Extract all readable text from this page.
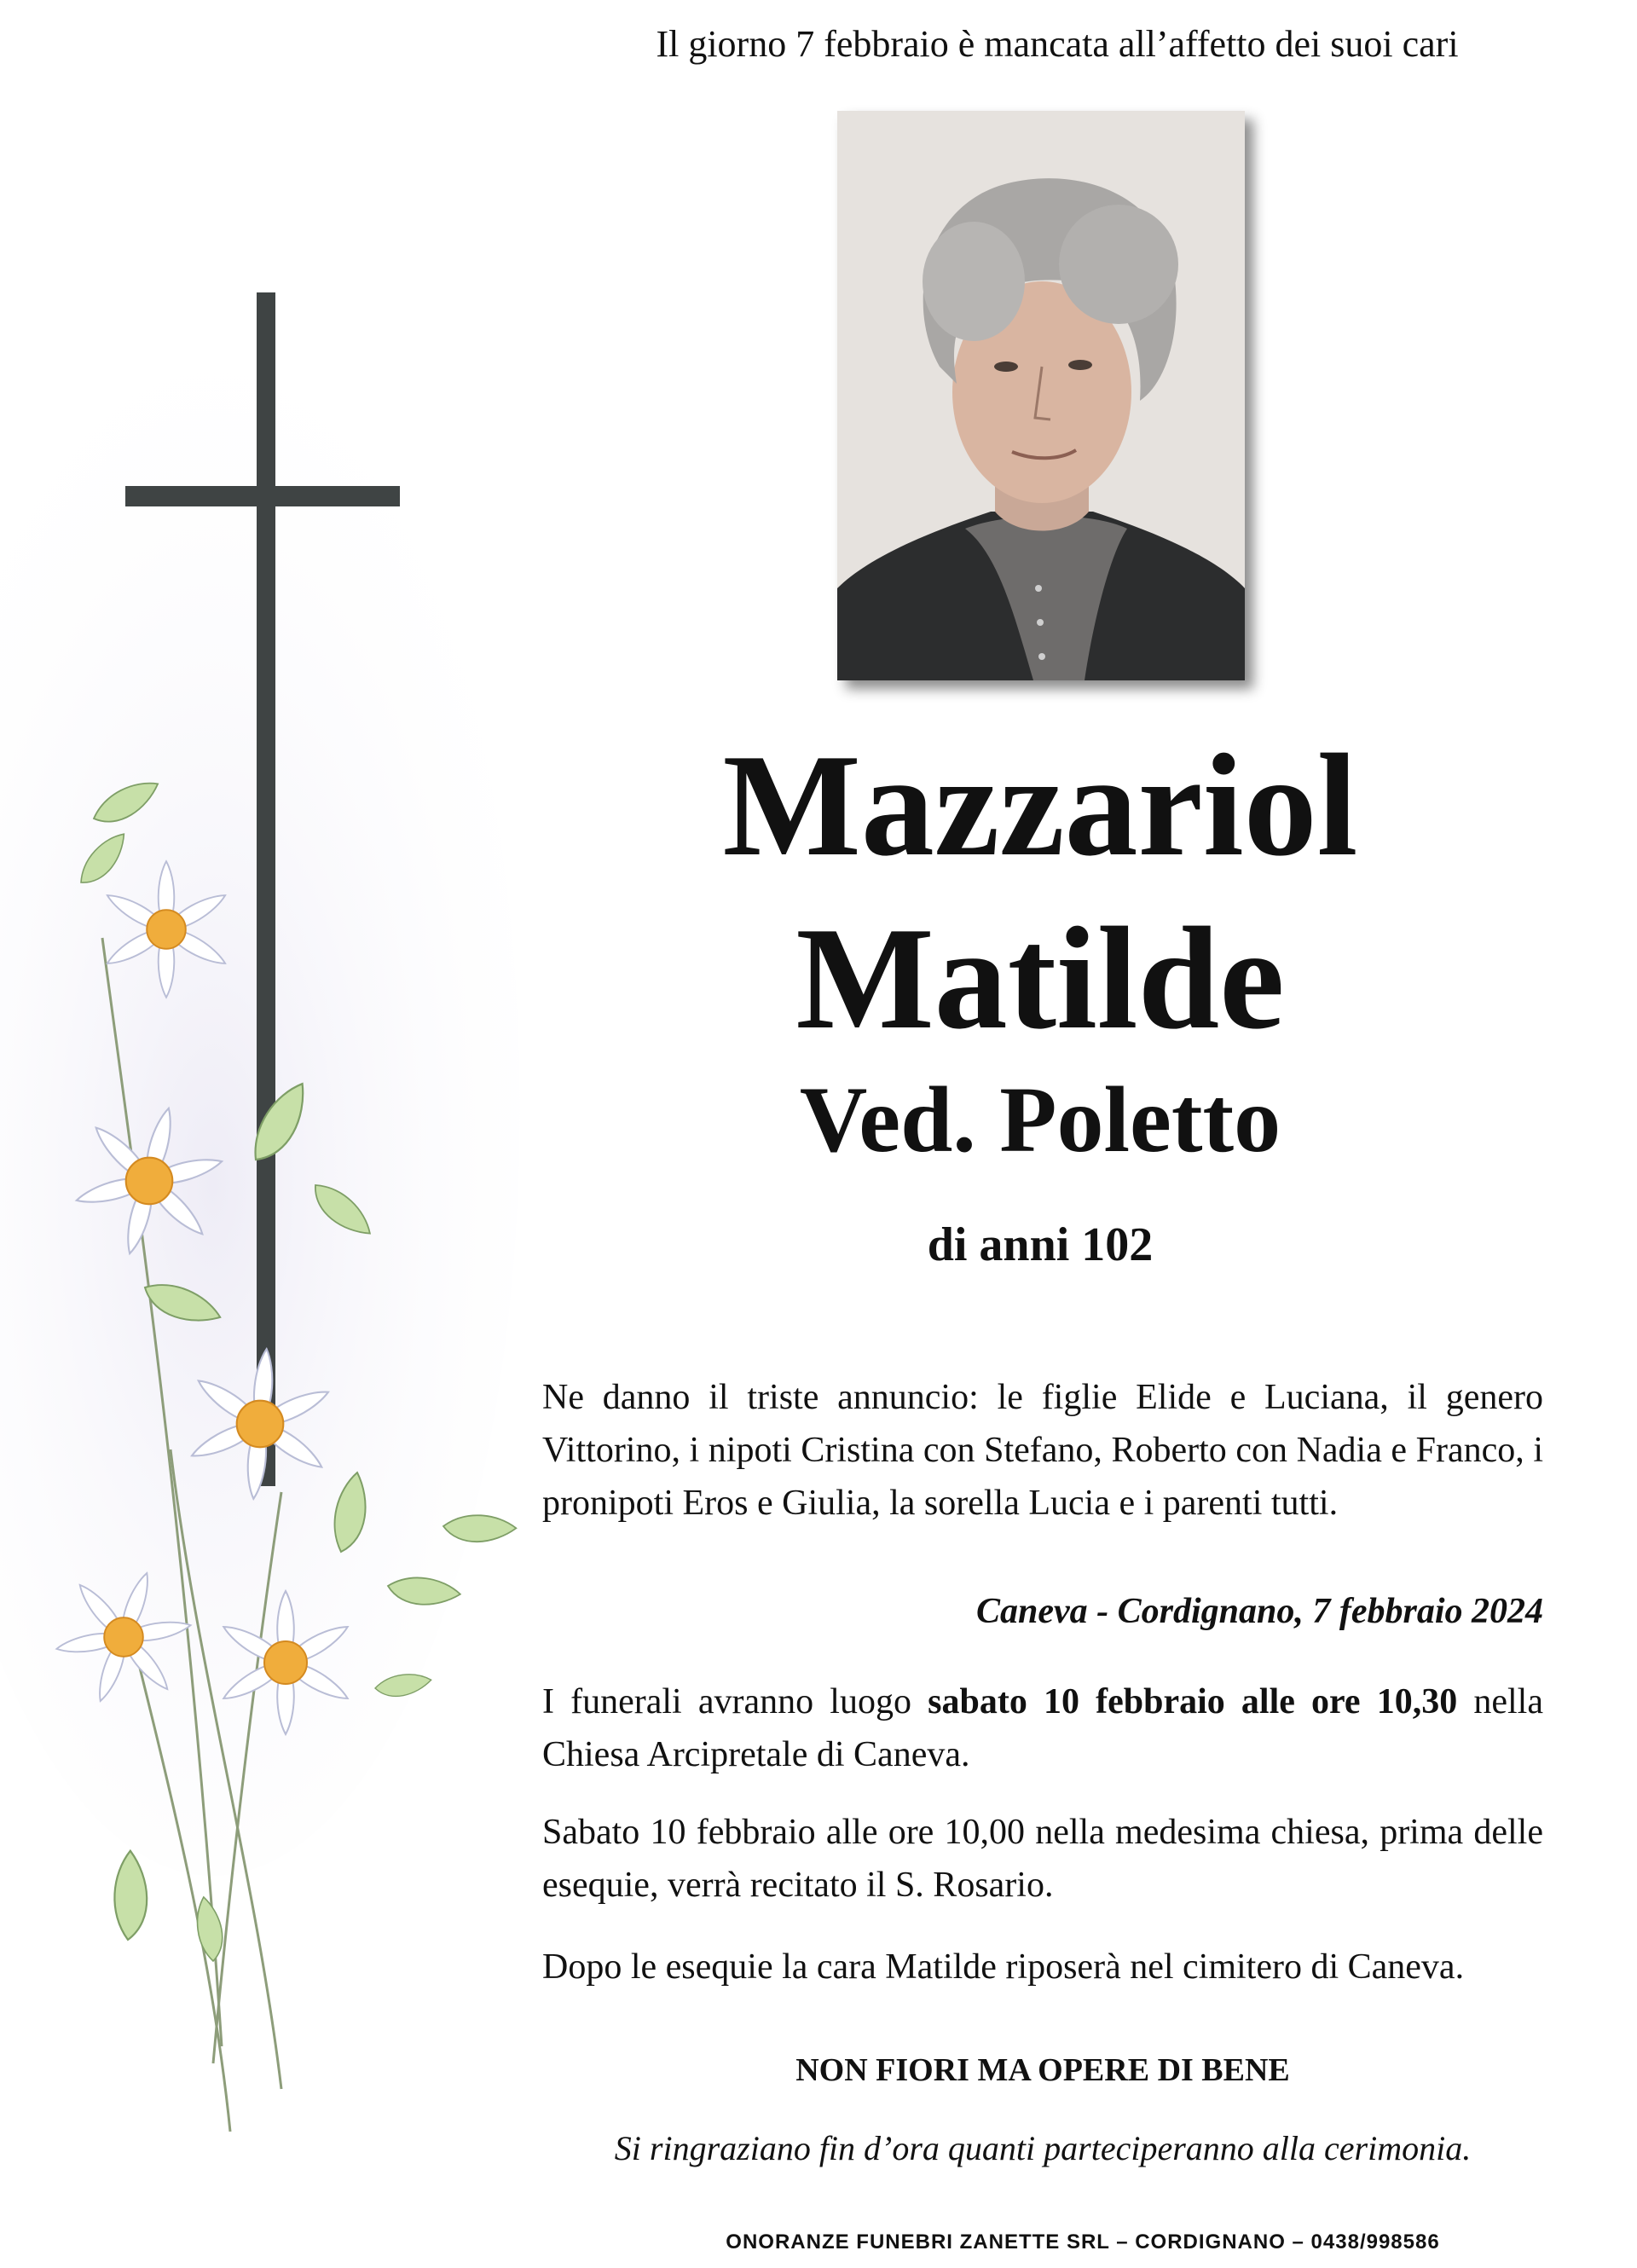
Il giorno 7 febbraio è mancata all’affetto dei suoi cari
Mazzariol
Matilde
Ved. Poletto
di anni 102
Ne danno il triste annuncio: le figlie Elide e Luciana, il genero Vittorino, i nipoti Cristina con Stefano, Roberto con Nadia e Franco, i pronipoti Eros e Giulia, la sorella Lucia e i parenti tutti.
Caneva - Cordignano, 7 febbraio 2024
I funerali avranno luogo sabato 10 febbraio alle ore 10,30 nella Chiesa Arcipretale di Caneva.
Sabato 10 febbraio alle ore 10,00 nella medesima chiesa, prima delle esequie, verrà recitato il S. Rosario.
Dopo le esequie la cara Matilde riposerà nel cimitero di Caneva.
NON FIORI MA OPERE DI BENE
Si ringraziano fin d’ora quanti parteciperanno alla cerimonia.
ONORANZE FUNEBRI ZANETTE SRL – CORDIGNANO – 0438/998586
